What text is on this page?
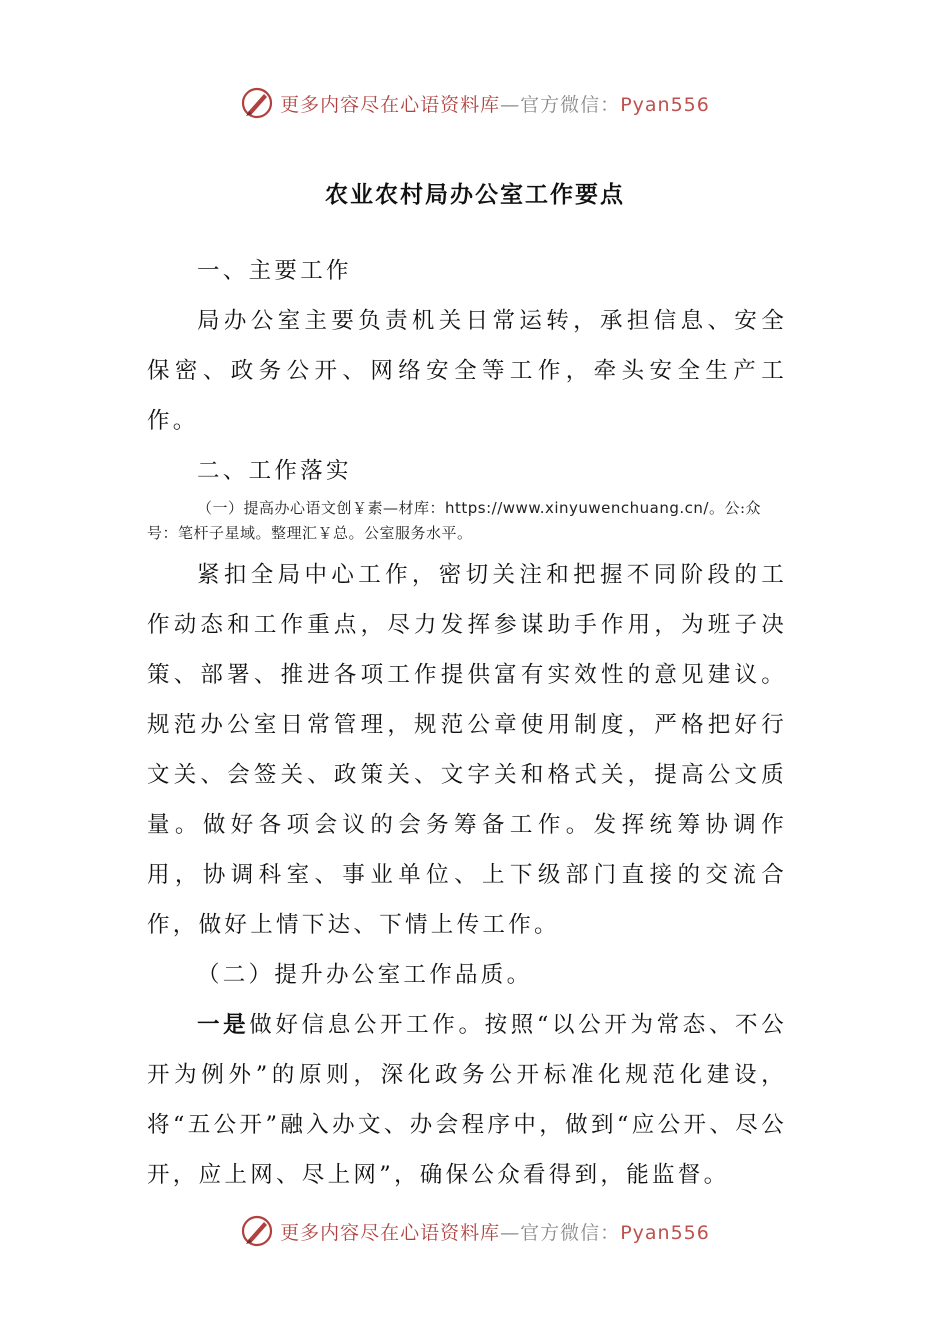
更多内容尽在心语资料库—官方微信：Pyan556
农业农村局办公室工作要点

一、主要工作

局办公室主要负责机关日常运转，承担信息、安全保密、政务公开、网络安全等工作，牵头安全生产工作。

二、工作落实

（一）提高办心语文创￥素—材库：https://www.xinyuwenchuang.cn/。公:众号：笔杆子星域。整理汇￥总。公室服务水平。

紧扣全局中心工作，密切关注和把握不同阶段的工作动态和工作重点，尽力发挥参谋助手作用，为班子决策、部署、推进各项工作提供富有实效性的意见建议。规范办公室日常管理，规范公章使用制度，严格把好行文关、会签关、政策关、文字关和格式关，提高公文质量。做好各项会议的会务筹备工作。发挥统筹协调作用，协调科室、事业单位、上下级部门直接的交流合作，做好上情下达、下情上传工作。

（二）提升办公室工作品质。

一是做好信息公开工作。按照“以公开为常态、不公开为例外”的原则，深化政务公开标准化规范化建设，将“五公开”融入办文、办会程序中，做到“应公开、尽公开，应上网、尽上网”，确保公众看得到，能监督。

更多内容尽在心语资料库—官方微信：Pyan556
